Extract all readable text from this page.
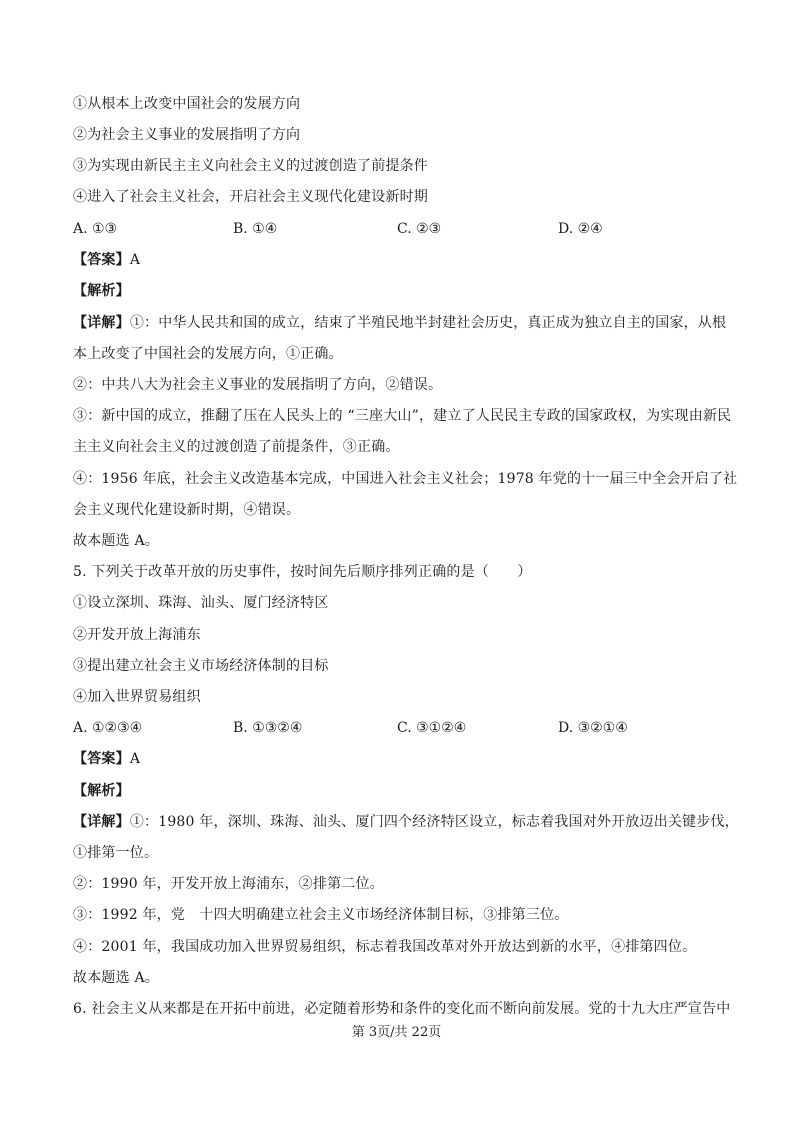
①从根本上改变中国社会的发展方向
②为社会主义事业的发展指明了方向
③为实现由新民主主义向社会主义的过渡创造了前提条件
④进入了社会主义社会，开启社会主义现代化建设新时期
A. ①③	B. ①④	C. ②③	D. ②④
【答案】A
【解析】
【详解】①：中华人民共和国的成立，结束了半殖民地半封建社会历史，真正成为独立自主的国家，从根
本上改变了中国社会的发展方向，①正确。
②：中共八大为社会主义事业的发展指明了方向，②错误。
③：新中国的成立，推翻了压在人民头上的 “三座大山”，建立了人民民主专政的国家政权，为实现由新民
主主义向社会主义的过渡创造了前提条件，③正确。
④：1956 年底，社会主义改造基本完成，中国进入社会主义社会；1978 年党的十一届三中全会开启了社
会主义现代化建设新时期，④错误。
故本题选 A。
5. 下列关于改革开放的历史事件，按时间先后顺序排列正确的是（　　）
①设立深圳、珠海、汕头、厦门经济特区
②开发开放上海浦东
③提出建立社会主义市场经济体制的目标
④加入世界贸易组织
A. ①②③④	B. ①③②④	C. ③①②④	D. ③②①④
【答案】A
【解析】
【详解】①：1980 年，深圳、珠海、汕头、厦门四个经济特区设立，标志着我国对外开放迈出关键步伐，
①排第一位。
②：1990 年，开发开放上海浦东，②排第二位。
③：1992 年，党　十四大明确建立社会主义市场经济体制目标，③排第三位。
④：2001 年，我国成功加入世界贸易组织，标志着我国改革对外开放达到新的水平，④排第四位。
故本题选 A。
6. 社会主义从来都是在开拓中前进，必定随着形势和条件的变化而不断向前发展。党的十九大庄严宣告中
第 3页/共 22页
